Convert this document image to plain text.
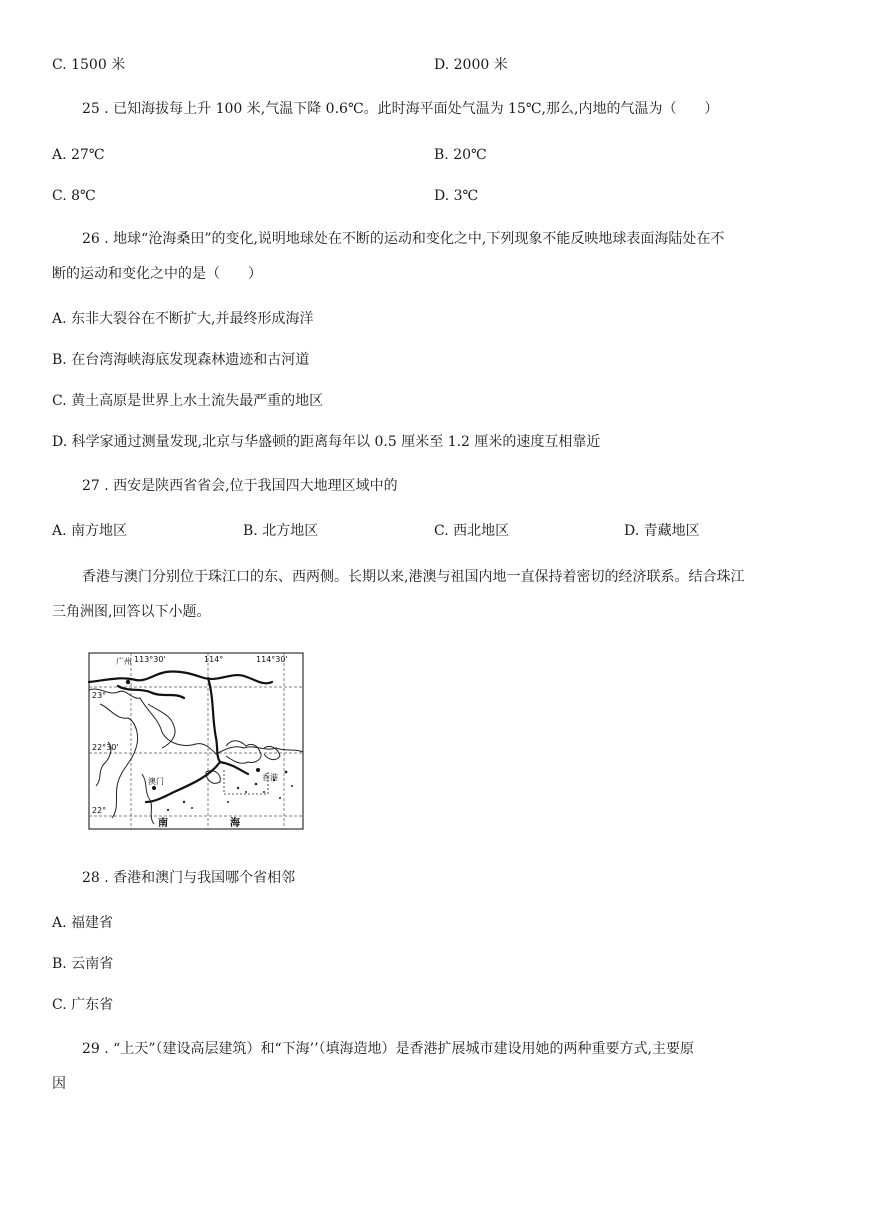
C. 1500 米	D. 2000 米
25 . 已知海拔每上升 100 米,气温下降 0.6℃。此时海平面处气温为 15℃,那么,内地的气温为（　　）
A. 27℃	B. 20℃
C. 8℃	D. 3℃
26 . 地球“沧海桑田”的变化,说明地球处在不断的运动和变化之中,下列现象不能反映地球表面海陆处在不
断的运动和变化之中的是（　　）
A. 东非大裂谷在不断扩大,并最终形成海洋
B. 在台湾海峡海底发现森林遗迹和古河道
C. 黄土高原是世界上水土流失最严重的地区
D. 科学家通过测量发现,北京与华盛顿的距离每年以 0.5 厘米至 1.2 厘米的速度互相靠近
27 . 西安是陕西省省会,位于我国四大地理区域中的
A. 南方地区	B. 北方地区	C. 西北地区	D. 青藏地区
香港与澳门分别位于珠江口的东、西两侧。长期以来,港澳与祖国内地一直保持着密切的经济联系。结合珠江
三角洲图,回答以下小题。
广州 113°30'	114°	114°30'
23°
22°30'
22°
澳门	香港
南	海
28 . 香港和澳门与我国哪个省相邻
A. 福建省
B. 云南省
C. 广东省
29 . “上天”（建设高层建筑）和“下海’’（填海造地）是香港扩展城市建设用她的两种重要方式,主要原
因
